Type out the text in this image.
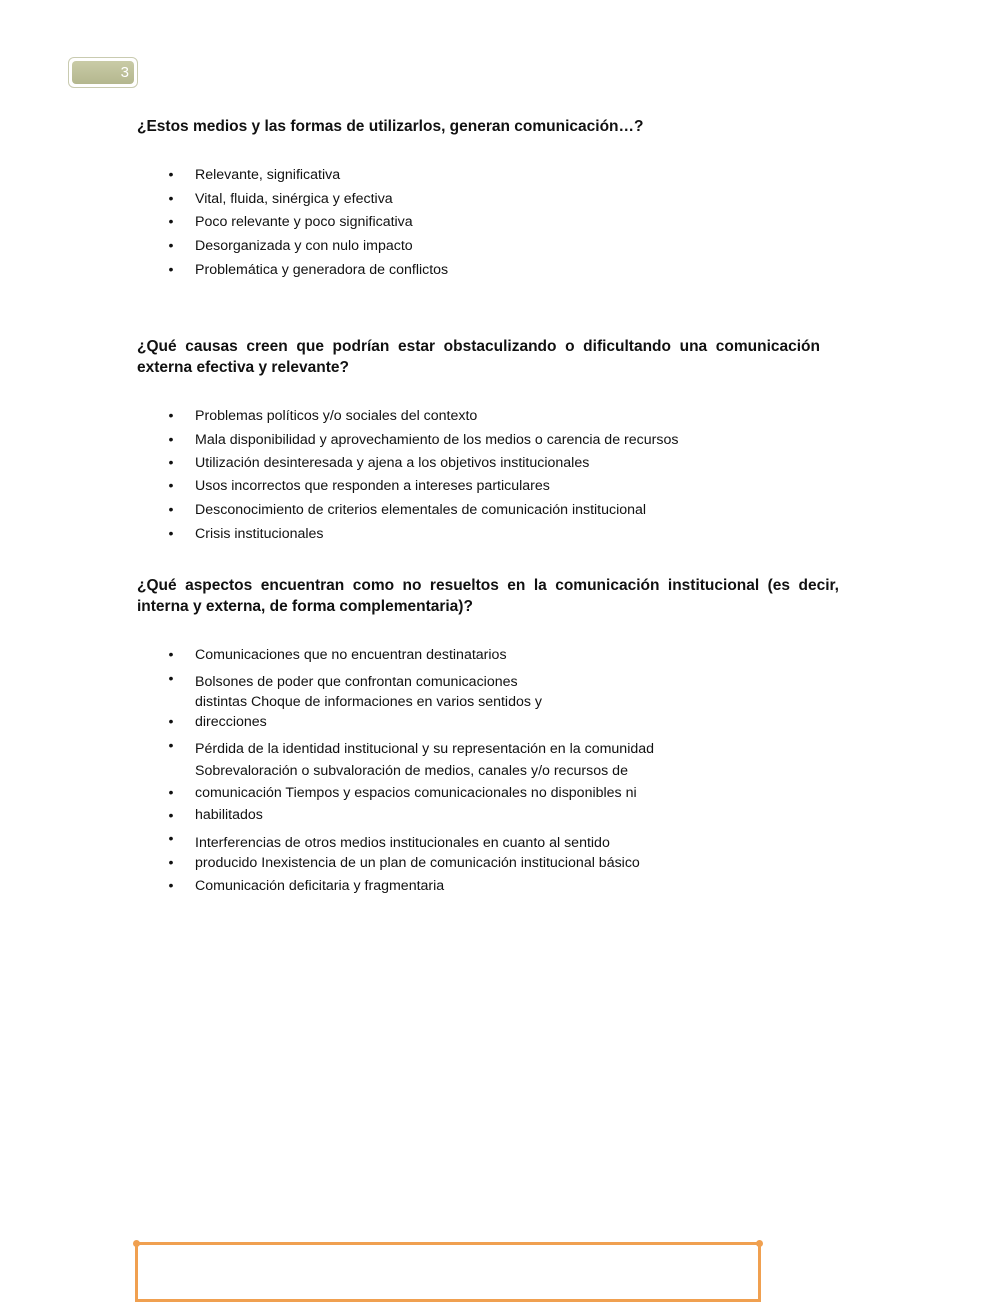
3

¿Estos medios y las formas de utilizarlos, generan comunicación…?

• Relevante, significativa
• Vital, fluida, sinérgica y efectiva
• Poco relevante y poco significativa
• Desorganizada y con nulo impacto
• Problemática y generadora de conflictos

¿Qué causas creen que podrían estar obstaculizando o dificultando una comunicación externa efectiva y relevante?

• Problemas políticos y/o sociales del contexto
• Mala disponibilidad y aprovechamiento de los medios o carencia de recursos
• Utilización desinteresada y ajena a los objetivos institucionales
• Usos incorrectos que responden a intereses particulares
• Desconocimiento de criterios elementales de comunicación institucional
• Crisis institucionales

¿Qué aspectos encuentran como no resueltos en la comunicación institucional (es decir, interna y externa, de forma complementaria)?

• Comunicaciones que no encuentran destinatarios
• Bolsones de poder que confrontan comunicaciones
distintas Choque de informaciones en varios sentidos y
• direcciones
• Pérdida de la identidad institucional y su representación en la comunidad
Sobrevaloración o subvaloración de medios, canales y/o recursos de
• comunicación Tiempos y espacios comunicacionales no disponibles ni
• habilitados
• Interferencias de otros medios institucionales en cuanto al sentido
• producido Inexistencia de un plan de comunicación institucional básico
• Comunicación deficitaria y fragmentaria
